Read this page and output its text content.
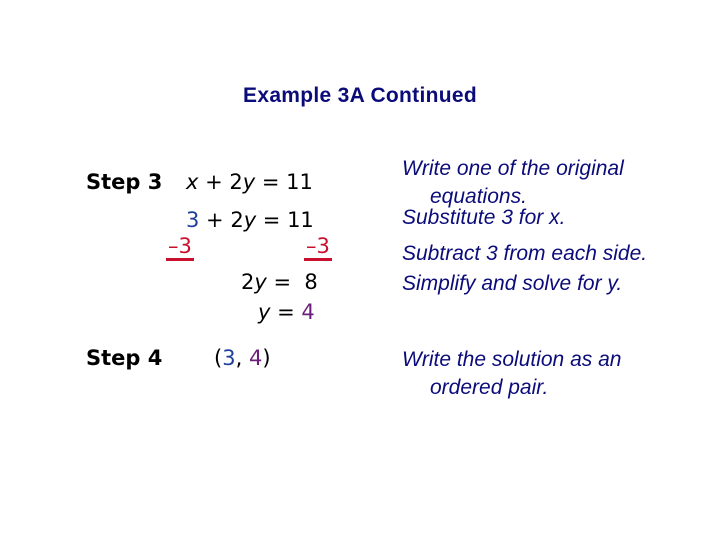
Example 3A Continued
Step 3 x + 2y = 11
3 + 2y = 11
–3	–3
2y =  8
y = 4
Step 4 (3, 4)
Write one of the original
equations.
Substitute 3 for x.
Subtract 3 from each side.
Simplify and solve for y.
Write the solution as an
ordered pair.
